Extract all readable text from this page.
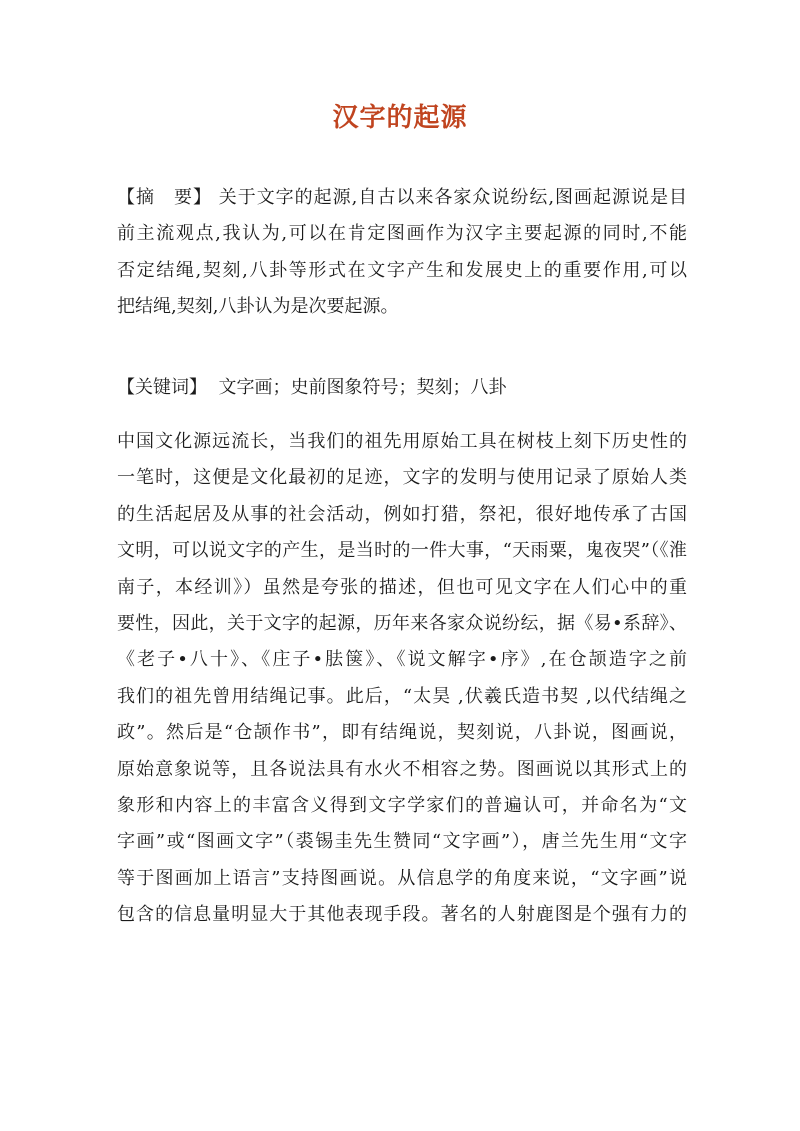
汉字的起源
【摘　要】 关于文字的起源,自古以来各家众说纷纭,图画起源说是目
前主流观点,我认为,可以在肯定图画作为汉字主要起源的同时,不能
否定结绳,契刻,八卦等形式在文字产生和发展史上的重要作用,可以
把结绳,契刻,八卦认为是次要起源。
【关键词】 文字画；史前图象符号；契刻；八卦
中国文化源远流长，当我们的祖先用原始工具在树枝上刻下历史性的
一笔时，这便是文化最初的足迹，文字的发明与使用记录了原始人类
的生活起居及从事的社会活动，例如打猎，祭祀，很好地传承了古国
文明，可以说文字的产生，是当时的一件大事，“天雨粟，鬼夜哭”（《淮
南子，本经训》）虽然是夸张的描述，但也可见文字在人们心中的重
要性，因此，关于文字的起源，历年来各家众说纷纭，据《易•系辞》、
《老子•八十》、《庄子•胠箧》、《说文解字•序》,在仓颉造字之前
我们的祖先曾用结绳记事。此后，“太昊 ,伏羲氏造书契 ,以代结绳之
政”。然后是“仓颉作书”，即有结绳说，契刻说，八卦说，图画说，
原始意象说等，且各说法具有水火不相容之势。图画说以其形式上的
象形和内容上的丰富含义得到文字学家们的普遍认可，并命名为“文
字画”或“图画文字”（裘锡圭先生赞同“文字画”），唐兰先生用“文字
等于图画加上语言”支持图画说。从信息学的角度来说，“文字画”说
包含的信息量明显大于其他表现手段。著名的人射鹿图是个强有力的
